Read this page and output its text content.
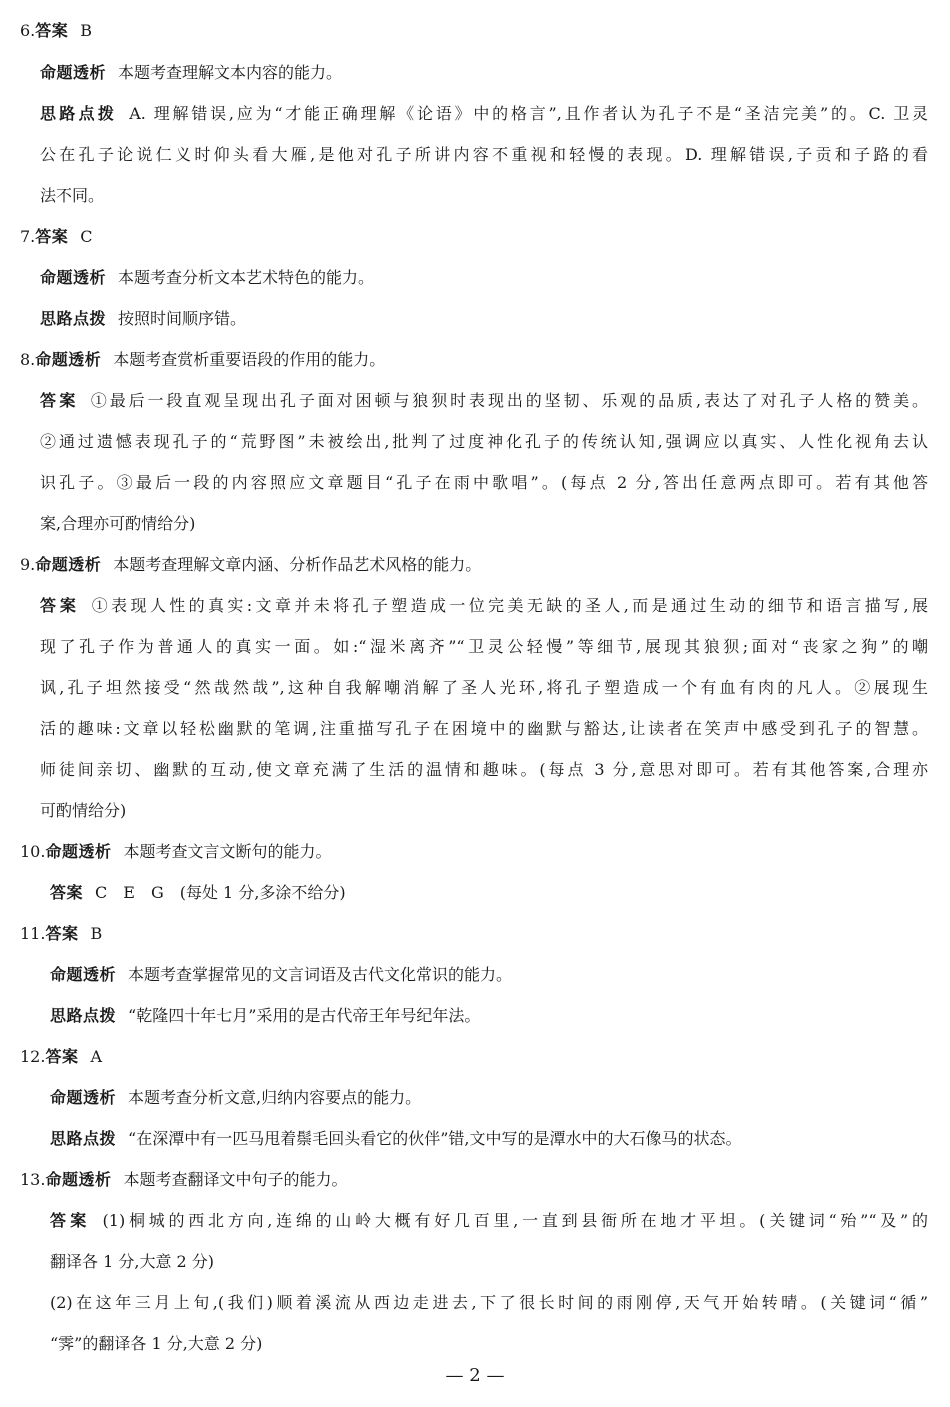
6.答案 B
命题透析 本题考查理解文本内容的能力。
思路点拨 A. 理解错误,应为“才能正确理解《论语》中的格言”,且作者认为孔子不是“圣洁完美”的。C. 卫灵
公在孔子论说仁义时仰头看大雁,是他对孔子所讲内容不重视和轻慢的表现。D. 理解错误,子贡和子路的看
法不同。
7.答案 C
命题透析 本题考查分析文本艺术特色的能力。
思路点拨 按照时间顺序错。
8.命题透析 本题考查赏析重要语段的作用的能力。
答案 ①最后一段直观呈现出孔子面对困顿与狼狈时表现出的坚韧、乐观的品质,表达了对孔子人格的赞美。
②通过遗憾表现孔子的“荒野图”未被绘出,批判了过度神化孔子的传统认知,强调应以真实、人性化视角去认
识孔子。③最后一段的内容照应文章题目“孔子在雨中歌唱”。(每点 2 分,答出任意两点即可。若有其他答
案,合理亦可酌情给分)
9.命题透析 本题考查理解文章内涵、分析作品艺术风格的能力。
答案 ①表现人性的真实:文章并未将孔子塑造成一位完美无缺的圣人,而是通过生动的细节和语言描写,展
现了孔子作为普通人的真实一面。如:“湿米离齐”“卫灵公轻慢”等细节,展现其狼狈;面对“丧家之狗”的嘲
讽,孔子坦然接受“然哉然哉”,这种自我解嘲消解了圣人光环,将孔子塑造成一个有血有肉的凡人。②展现生
活的趣味:文章以轻松幽默的笔调,注重描写孔子在困境中的幽默与豁达,让读者在笑声中感受到孔子的智慧。
师徒间亲切、幽默的互动,使文章充满了生活的温情和趣味。(每点 3 分,意思对即可。若有其他答案,合理亦
可酌情给分)
10.命题透析 本题考查文言文断句的能力。
答案 C　E　G　(每处 1 分,多涂不给分)
11.答案 B
命题透析 本题考查掌握常见的文言词语及古代文化常识的能力。
思路点拨 “乾隆四十年七月”采用的是古代帝王年号纪年法。
12.答案 A
命题透析 本题考查分析文意,归纳内容要点的能力。
思路点拨 “在深潭中有一匹马甩着鬃毛回头看它的伙伴”错,文中写的是潭水中的大石像马的状态。
13.命题透析 本题考查翻译文中句子的能力。
答案 (1)桐城的西北方向,连绵的山岭大概有好几百里,一直到县衙所在地才平坦。(关键词“殆”“及”的
翻译各 1 分,大意 2 分)
(2)在这年三月上旬,(我们)顺着溪流从西边走进去,下了很长时间的雨刚停,天气开始转晴。(关键词“循”
“霁”的翻译各 1 分,大意 2 分)
— 2 —
